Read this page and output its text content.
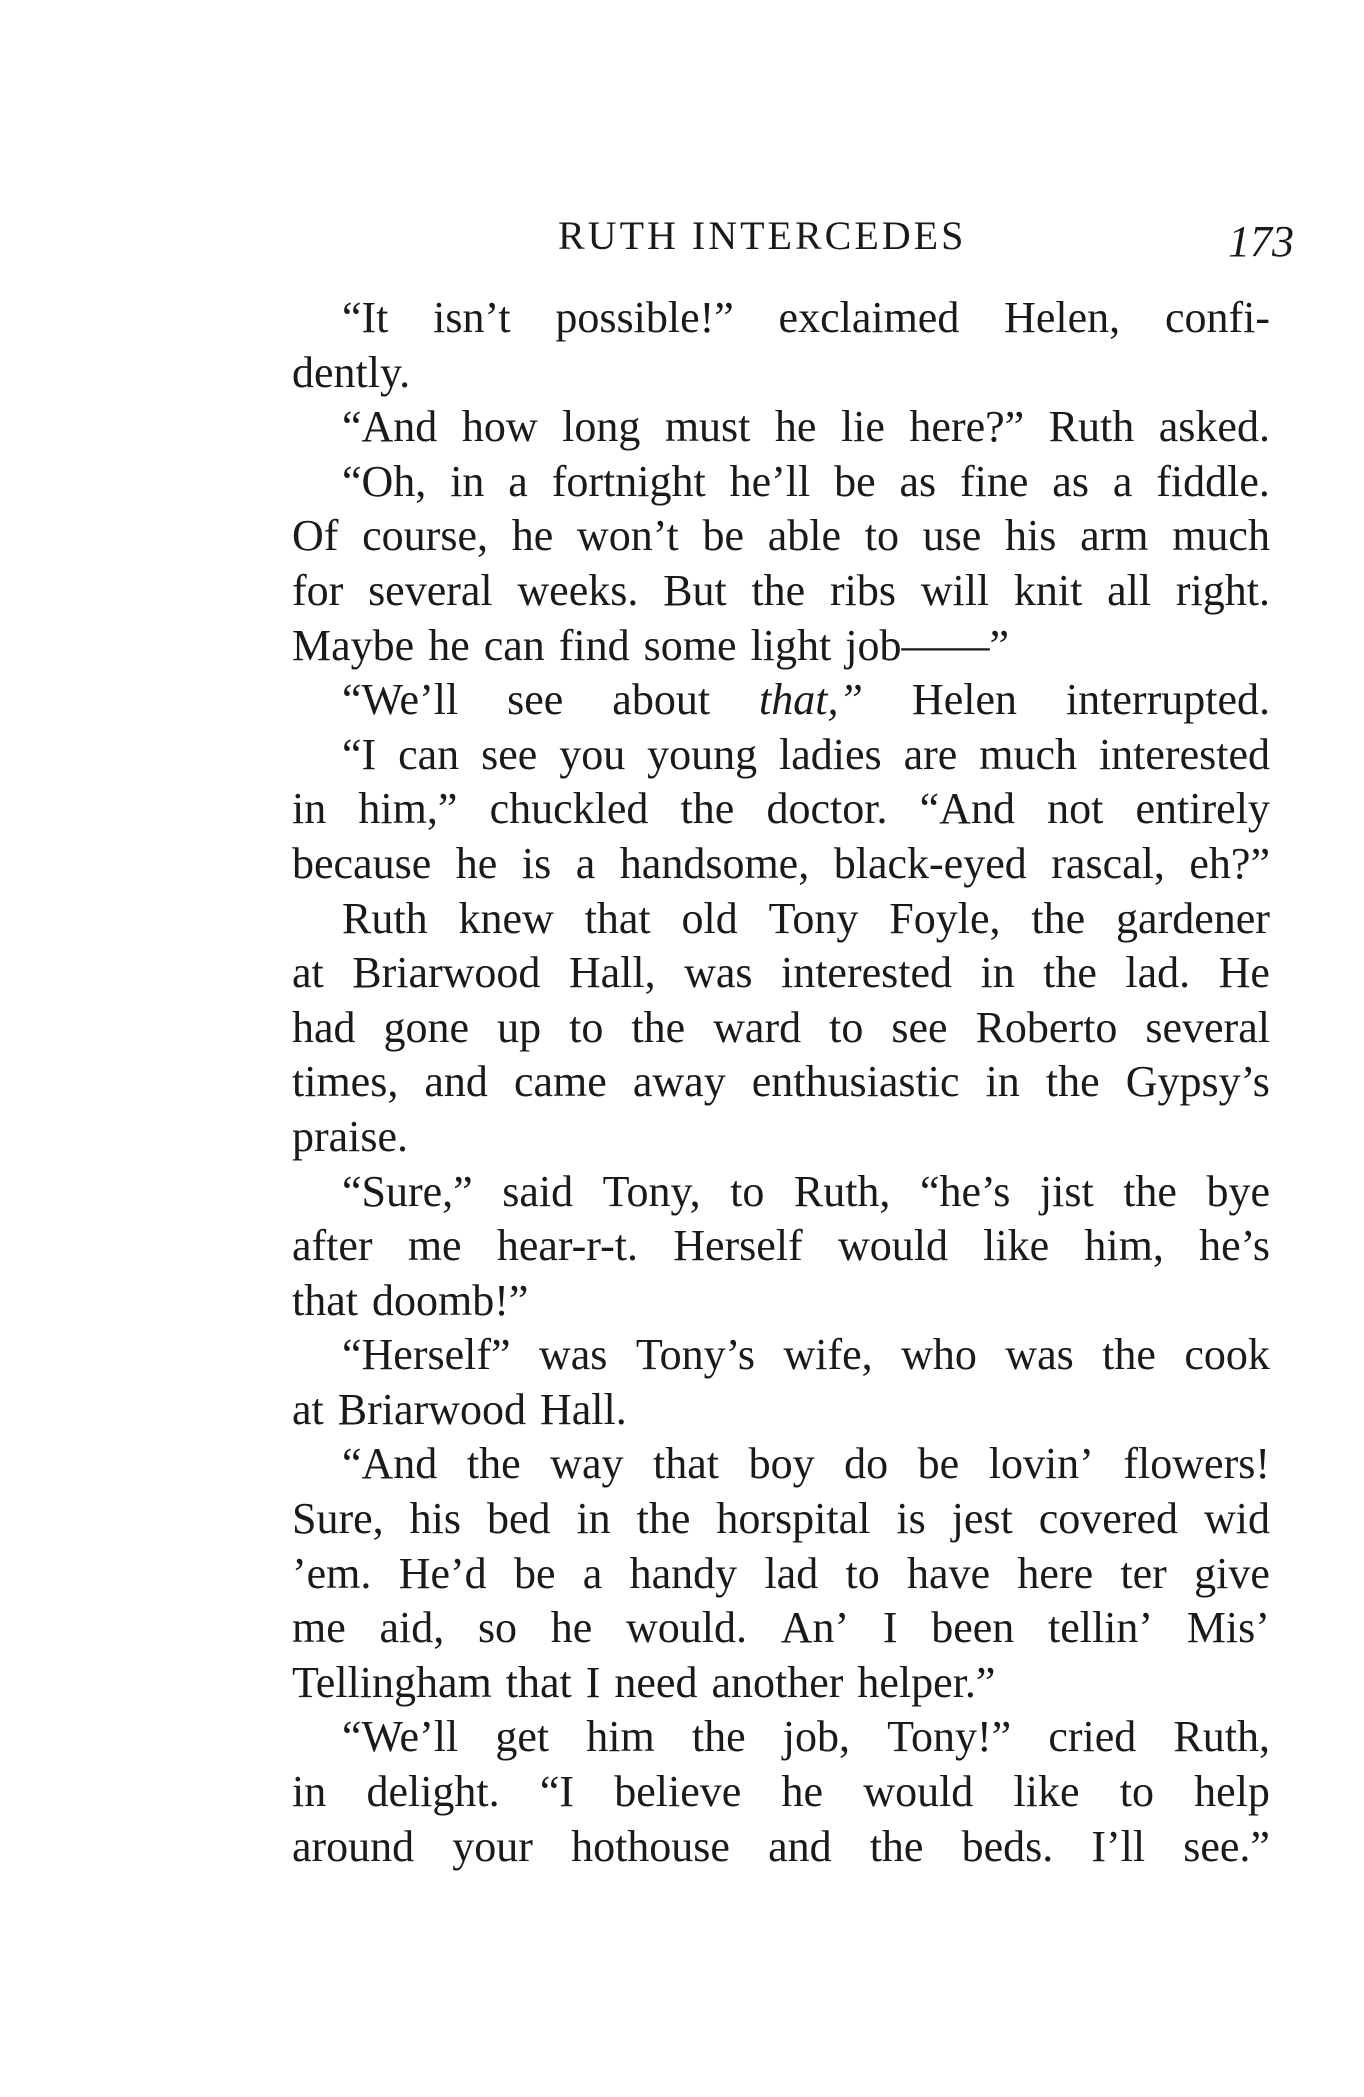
RUTH INTERCEDES	173
“It isn’t possible!” exclaimed Helen, confi-
dently.
“And how long must he lie here?” Ruth asked.
“Oh, in a fortnight he’ll be as fine as a fiddle.
Of course, he won’t be able to use his arm much
for several weeks. But the ribs will knit all right.
Maybe he can find some light job——”
“We’ll see about that,” Helen interrupted.
“I can see you young ladies are much interested
in him,” chuckled the doctor. “And not entirely
because he is a handsome, black-eyed rascal, eh?”
Ruth knew that old Tony Foyle, the gardener
at Briarwood Hall, was interested in the lad. He
had gone up to the ward to see Roberto several
times, and came away enthusiastic in the Gypsy’s
praise.
“Sure,” said Tony, to Ruth, “he’s jist the bye
after me hear-r-t. Herself would like him, he’s
that doomb!”
“Herself” was Tony’s wife, who was the cook
at Briarwood Hall.
“And the way that boy do be lovin’ flowers!
Sure, his bed in the horspital is jest covered wid
’em. He’d be a handy lad to have here ter give
me aid, so he would. An’ I been tellin’ Mis’
Tellingham that I need another helper.”
“We’ll get him the job, Tony!” cried Ruth,
in delight. “I believe he would like to help
around your hothouse and the beds. I’ll see.”
